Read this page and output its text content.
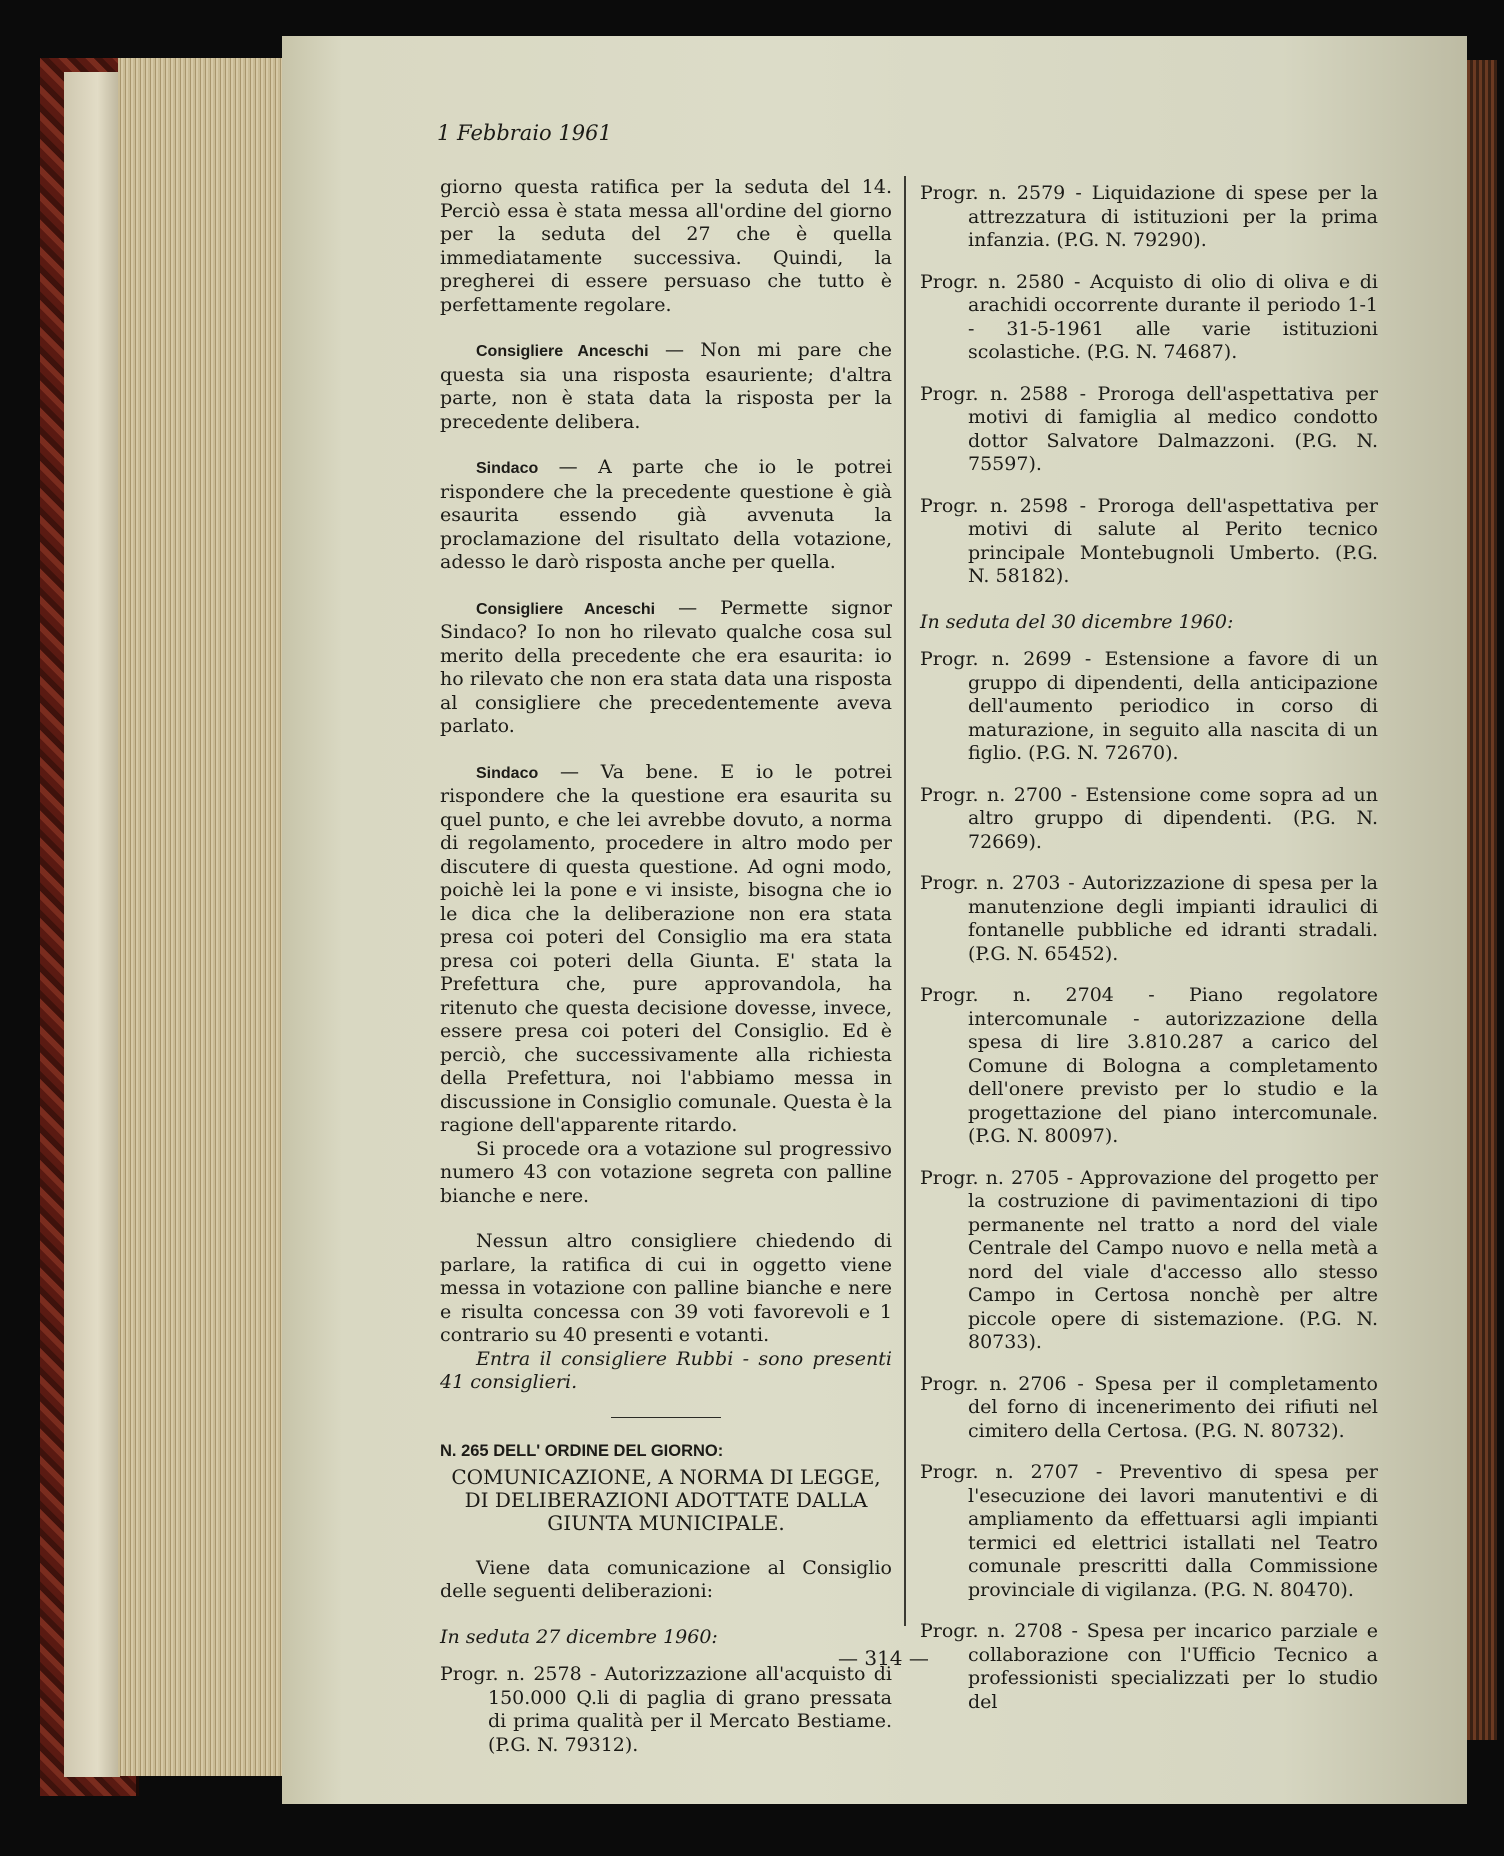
1 Febbraio 1961

giorno questa ratifica per la seduta del 14. Perciò essa è stata messa all'ordine del giorno per la seduta del 27 che è quella immediatamente successiva. Quindi, la pregherei di essere persuaso che tutto è perfettamente regolare.

Consigliere Anceschi — Non mi pare che questa sia una risposta esauriente; d'altra parte, non è stata data la risposta per la precedente delibera.

Sindaco — A parte che io le potrei rispondere che la precedente questione è già esaurita essendo già avvenuta la proclamazione del risultato della votazione, adesso le darò risposta anche per quella.

Consigliere Anceschi — Permette signor Sindaco? Io non ho rilevato qualche cosa sul merito della precedente che era esaurita: io ho rilevato che non era stata data una risposta al consigliere che precedentemente aveva parlato.

Sindaco — Va bene. E io le potrei rispondere che la questione era esaurita su quel punto, e che lei avrebbe dovuto, a norma di regolamento, procedere in altro modo per discutere di questa questione. Ad ogni modo, poichè lei la pone e vi insiste, bisogna che io le dica che la deliberazione non era stata presa coi poteri del Consiglio ma era stata presa coi poteri della Giunta. E' stata la Prefettura che, pure approvandola, ha ritenuto che questa decisione dovesse, invece, essere presa coi poteri del Consiglio. Ed è perciò, che successivamente alla richiesta della Prefettura, noi l'abbiamo messa in discussione in Consiglio comunale. Questa è la ragione dell'apparente ritardo.

Si procede ora a votazione sul progressivo numero 43 con votazione segreta con palline bianche e nere.

Nessun altro consigliere chiedendo di parlare, la ratifica di cui in oggetto viene messa in votazione con palline bianche e nere e risulta concessa con 39 voti favorevoli e 1 contrario su 40 presenti e votanti.

Entra il consigliere Rubbi - sono presenti 41 consiglieri.

N. 265 DELL' ORDINE DEL GIORNO:
COMUNICAZIONE, A NORMA DI LEGGE, DI DELIBERAZIONI ADOTTATE DALLA GIUNTA MUNICIPALE.

Viene data comunicazione al Consiglio delle seguenti deliberazioni:

In seduta 27 dicembre 1960:

Progr. n. 2578 - Autorizzazione all'acquisto di 150.000 Q.li di paglia di grano pressata di prima qualità per il Mercato Bestiame. (P.G. N. 79312).

Progr. n. 2579 - Liquidazione di spese per la attrezzatura di istituzioni per la prima infanzia. (P.G. N. 79290).

Progr. n. 2580 - Acquisto di olio di oliva e di arachidi occorrente durante il periodo 1-1 - 31-5-1961 alle varie istituzioni scolastiche. (P.G. N. 74687).

Progr. n. 2588 - Proroga dell'aspettativa per motivi di famiglia al medico condotto dottor Salvatore Dalmazzoni. (P.G. N. 75597).

Progr. n. 2598 - Proroga dell'aspettativa per motivi di salute al Perito tecnico principale Montebugnoli Umberto. (P.G. N. 58182).

In seduta del 30 dicembre 1960:

Progr. n. 2699 - Estensione a favore di un gruppo di dipendenti, della anticipazione dell'aumento periodico in corso di maturazione, in seguito alla nascita di un figlio. (P.G. N. 72670).

Progr. n. 2700 - Estensione come sopra ad un altro gruppo di dipendenti. (P.G. N. 72669).

Progr. n. 2703 - Autorizzazione di spesa per la manutenzione degli impianti idraulici di fontanelle pubbliche ed idranti stradali. (P.G. N. 65452).

Progr. n. 2704 - Piano regolatore intercomunale - autorizzazione della spesa di lire 3.810.287 a carico del Comune di Bologna a completamento dell'onere previsto per lo studio e la progettazione del piano intercomunale. (P.G. N. 80097).

Progr. n. 2705 - Approvazione del progetto per la costruzione di pavimentazioni di tipo permanente nel tratto a nord del viale Centrale del Campo nuovo e nella metà a nord del viale d'accesso allo stesso Campo in Certosa nonchè per altre piccole opere di sistemazione. (P.G. N. 80733).

Progr. n. 2706 - Spesa per il completamento del forno di incenerimento dei rifiuti nel cimitero della Certosa. (P.G. N. 80732).

Progr. n. 2707 - Preventivo di spesa per l'esecuzione dei lavori manutentivi e di ampliamento da effettuarsi agli impianti termici ed elettrici istallati nel Teatro comunale prescritti dalla Commissione provinciale di vigilanza. (P.G. N. 80470).

Progr. n. 2708 - Spesa per incarico parziale e collaborazione con l'Ufficio Tecnico a professionisti specializzati per lo studio del

— 314 —
